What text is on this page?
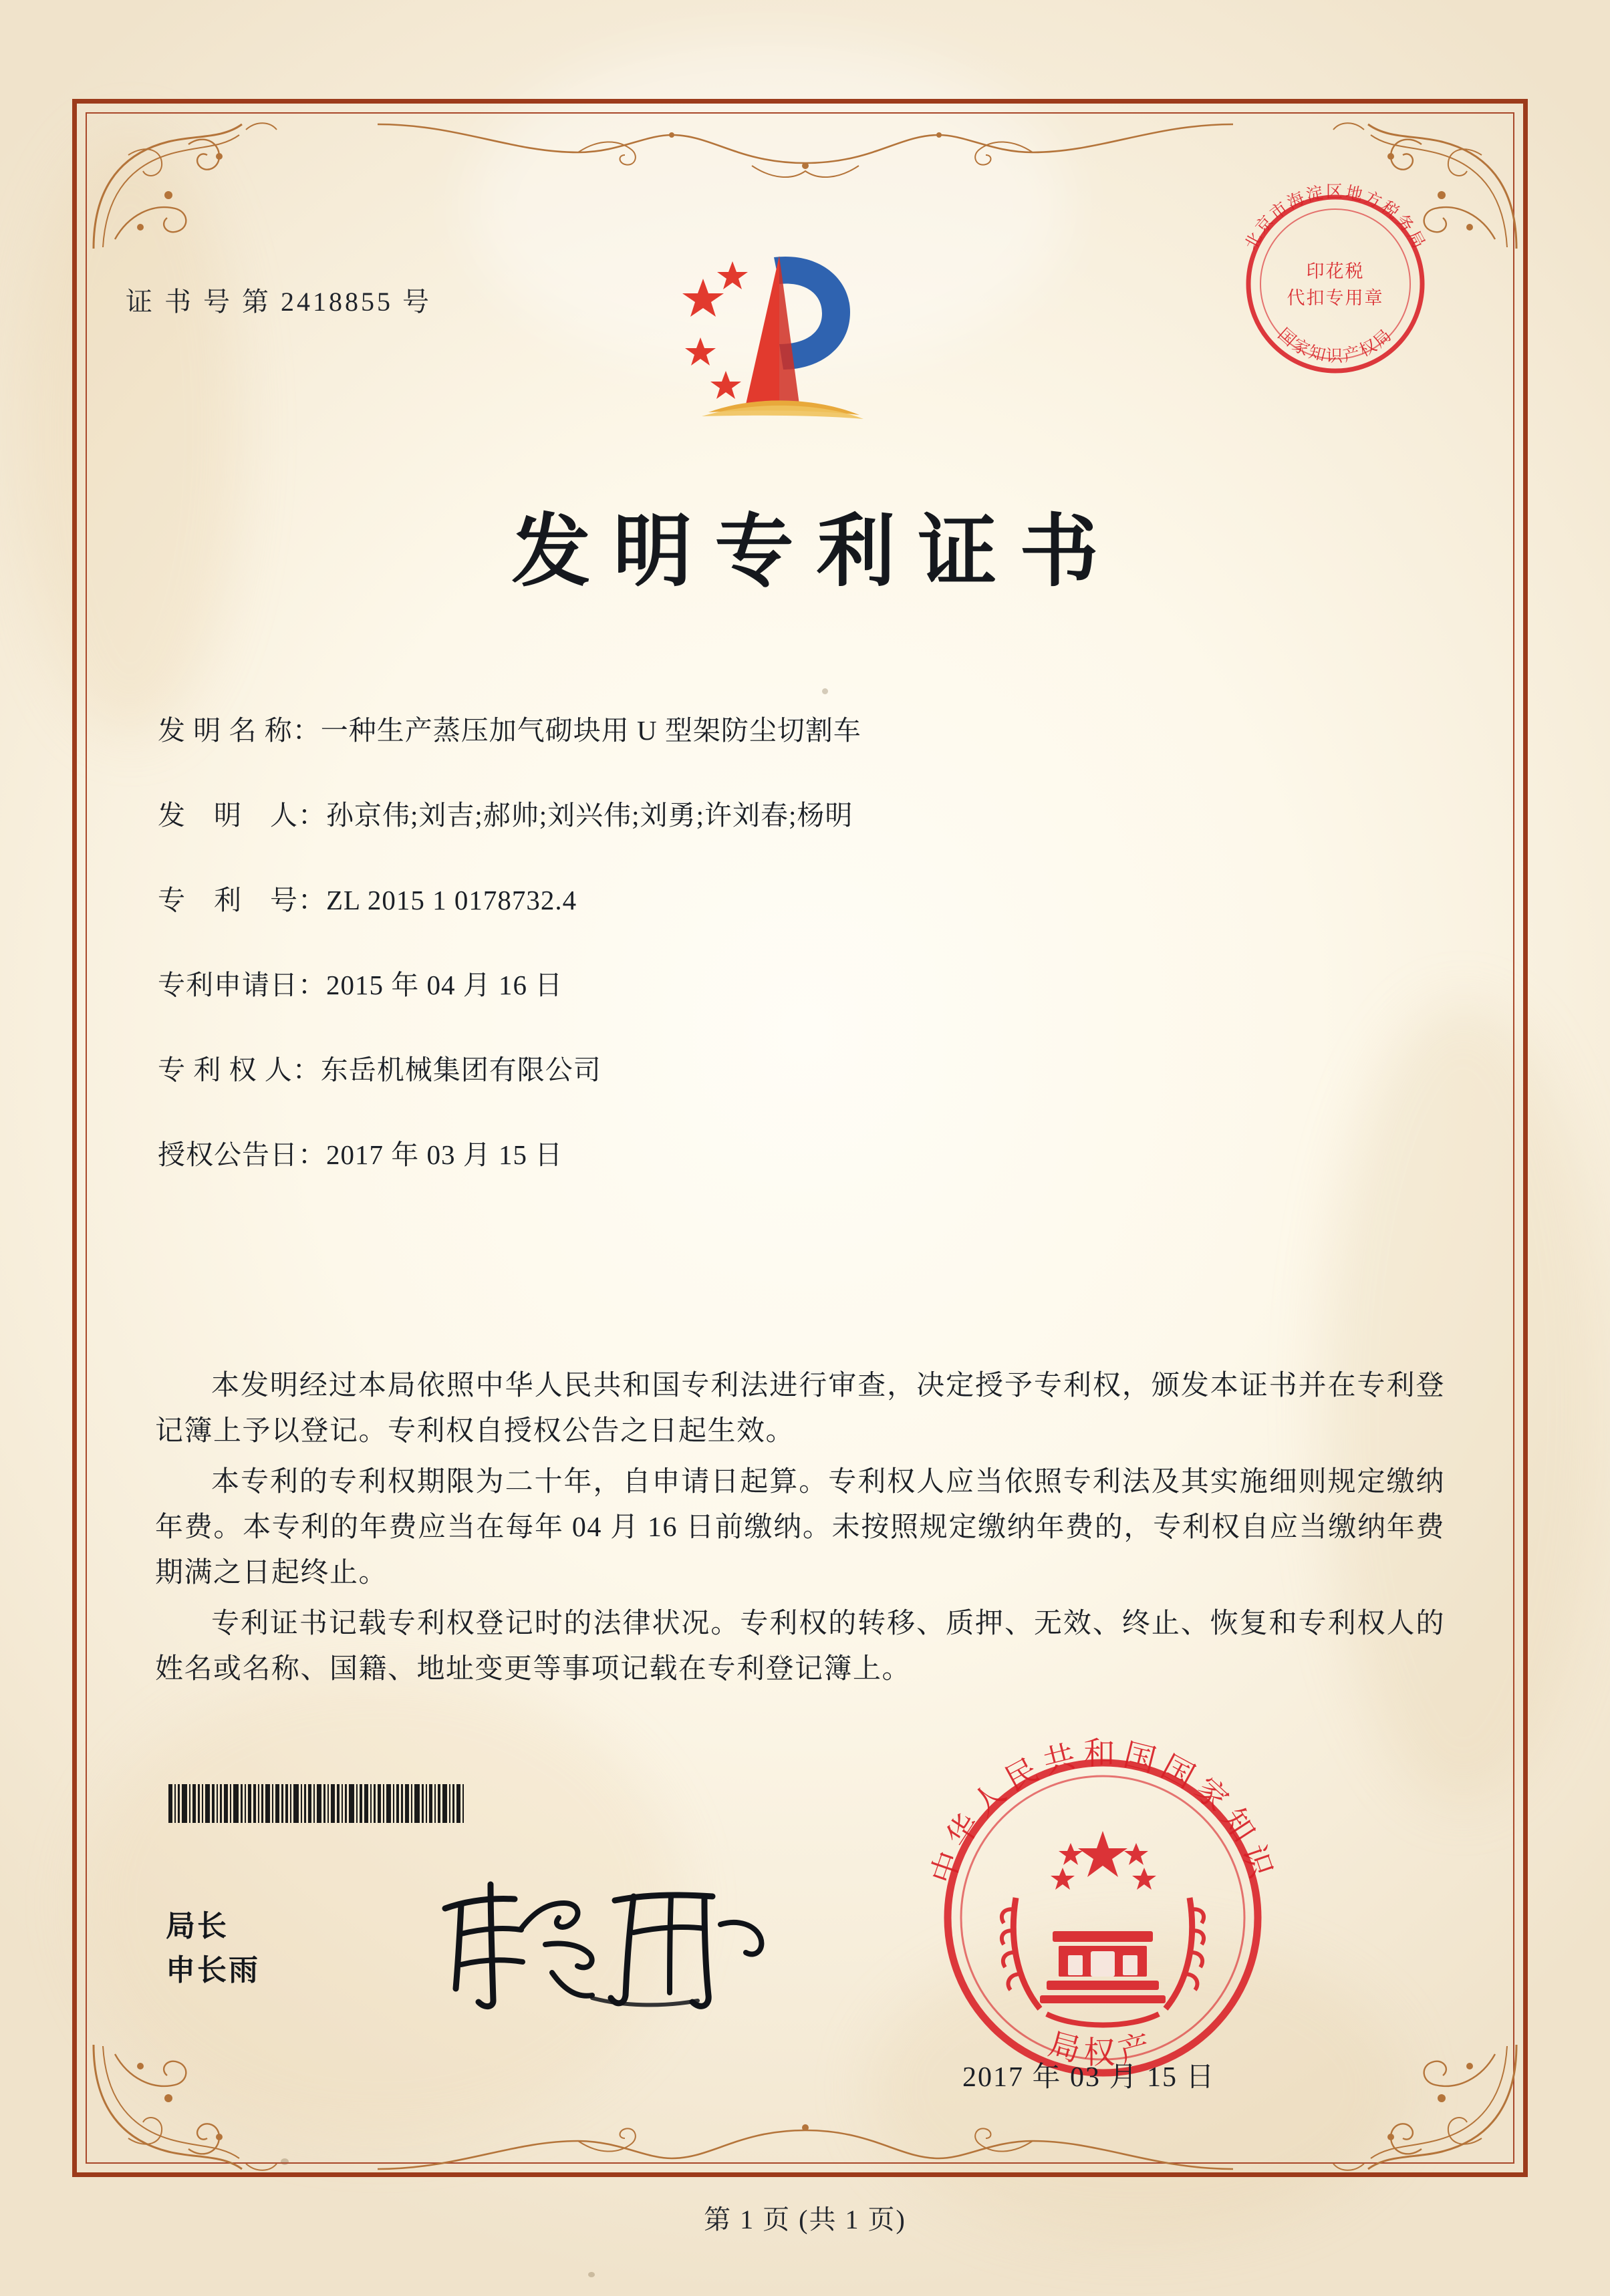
证 书 号 第 2418855 号
北京市海淀区地方税务局
国家知识产权局
印花税
代扣专用章
发明专利证书
发 明 名 称： 一种生产蒸压加气砌块用 U 型架防尘切割车
发　明　人： 孙京伟;刘吉;郝帅;刘兴伟;刘勇;许刘春;杨明
专　利　号： ZL 2015 1 0178732.4
专利申请日： 2015 年 04 月 16 日
专 利 权 人： 东岳机械集团有限公司
授权公告日： 2017 年 03 月 15 日

本发明经过本局依照中华人民共和国专利法进行审查，决定授予专利权，颁发本证书并在专利登记簿上予以登记。专利权自授权公告之日起生效。

本专利的专利权期限为二十年，自申请日起算。专利权人应当依照专利法及其实施细则规定缴纳年费。本专利的年费应当在每年 04 月 16 日前缴纳。未按照规定缴纳年费的，专利权自应当缴纳年费期满之日起终止。

专利证书记载专利权登记时的法律状况。专利权的转移、质押、无效、终止、恢复和专利权人的姓名或名称、国籍、地址变更等事项记载在专利登记簿上。

局长
申长雨
中华人民共和国国家知识
局权产
2017 年 03 月 15 日
第 1 页 (共 1 页)
